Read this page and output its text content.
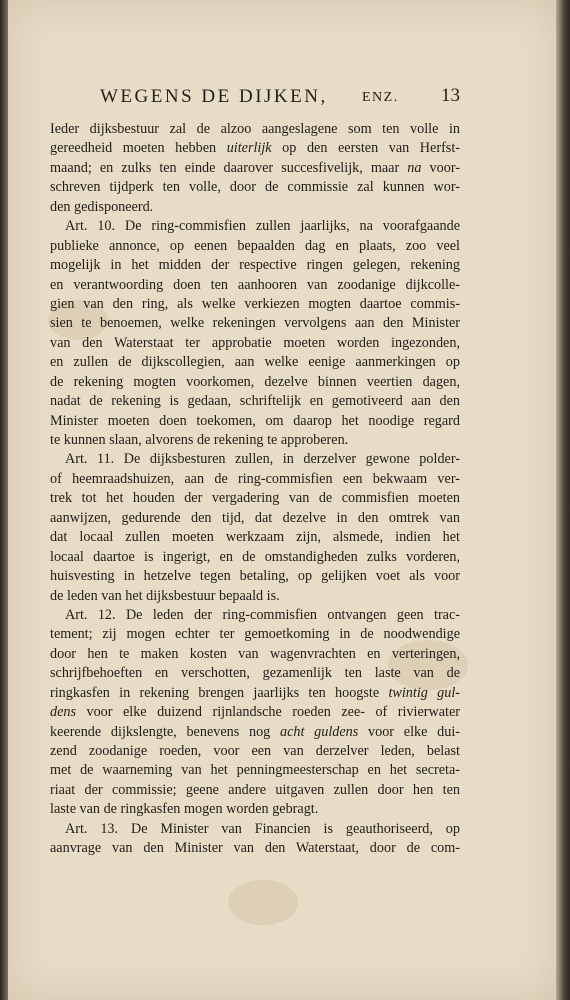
WEGENS DE DIJKEN, ENZ. 13
Ieder dijksbestuur zal de alzoo aangeslagene som ten volle in
gereedheid moeten hebben uiterlijk op den eersten van Herfst-
maand; en zulks ten einde daarover succesfivelijk, maar na voor-
schreven tijdperk ten volle, door de commissie zal kunnen wor-
den gedisponeerd.
Art. 10. De ring-commisfien zullen jaarlijks, na voorafgaande
publieke annonce, op eenen bepaalden dag en plaats, zoo veel
mogelijk in het midden der respective ringen gelegen, rekening
en verantwoording doen ten aanhooren van zoodanige dijkcolle-
gien van den ring, als welke verkiezen mogten daartoe commis-
sien te benoemen, welke rekeningen vervolgens aan den Minister
van den Waterstaat ter approbatie moeten worden ingezonden,
en zullen de dijkscollegien, aan welke eenige aanmerkingen op
de rekening mogten voorkomen, dezelve binnen veertien dagen,
nadat de rekening is gedaan, schriftelijk en gemotiveerd aan den
Minister moeten doen toekomen, om daarop het noodige regard
te kunnen slaan, alvorens de rekening te approberen.
Art. 11. De dijksbesturen zullen, in derzelver gewone polder-
of heemraadshuizen, aan de ring-commisfien een bekwaam ver-
trek tot het houden der vergadering van de commisfien moeten
aanwijzen, gedurende den tijd, dat dezelve in den omtrek van
dat locaal zullen moeten werkzaam zijn, alsmede, indien het
locaal daartoe is ingerigt, en de omstandigheden zulks vorderen,
huisvesting in hetzelve tegen betaling, op gelijken voet als voor
de leden van het dijksbestuur bepaald is.
Art. 12. De leden der ring-commisfien ontvangen geen trac-
tement; zij mogen echter ter gemoetkoming in de noodwendige
door hen te maken kosten van wagenvrachten en verteringen,
schrijfbehoeften en verschotten, gezamenlijk ten laste van de
ringkasfen in rekening brengen jaarlijks ten hoogste twintig gul-
dens voor elke duizend rijnlandsche roeden zee- of rivierwater
keerende dijkslengte, benevens nog acht guldens voor elke dui-
zend zoodanige roeden, voor een van derzelver leden, belast
met de waarneming van het penningmeesterschap en het secreta-
riaat der commissie; geene andere uitgaven zullen door hen ten
laste van de ringkasfen mogen worden gebragt.
Art. 13. De Minister van Financien is geauthoriseerd, op
aanvrage van den Minister van den Waterstaat, door de com-
